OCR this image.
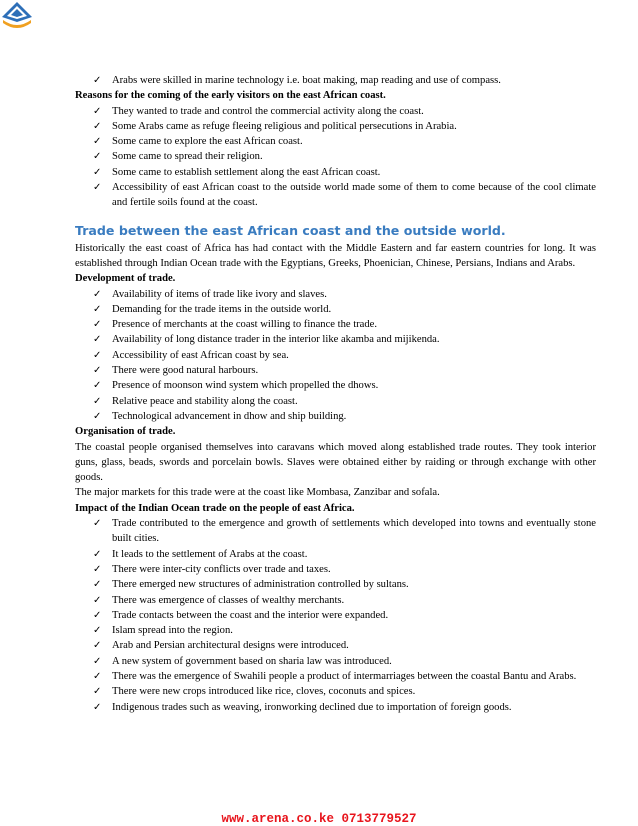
✓ Arabs were skilled in marine technology i.e. boat making, map reading and use of compass.

Reasons for the coming of the early visitors on the east African coast.

✓ They wanted to trade and control the commercial activity along the coast.
✓ Some Arabs came as refuge fleeing religious and political persecutions in Arabia.
✓ Some came to explore the east African coast.
✓ Some came to spread their religion.
✓ Some came to establish settlement along the east African coast.
✓ Accessibility of east African coast to the outside world made some of them to come because of the cool climate and fertile soils found at the coast.
Trade between the east African coast and the outside world.

Historically the east coast of Africa has had contact with the Middle Eastern and far eastern countries for long. It was established through Indian Ocean trade with the Egyptians, Greeks, Phoenician, Chinese, Persians, Indians and Arabs.

Development of trade.

✓ Availability of items of trade like ivory and slaves.
✓ Demanding for the trade items in the outside world.
✓ Presence of merchants at the coast willing to finance the trade.
✓ Availability of long distance trader in the interior like akamba and mijikenda.
✓ Accessibility of east African coast by sea.
✓ There were good natural harbours.
✓ Presence of moonson wind system which propelled the dhows.
✓ Relative peace and stability along the coast.
✓ Technological advancement in dhow and ship building.

Organisation of trade.

The coastal people organised themselves into caravans which moved along established trade routes. They took interior guns, glass, beads, swords and porcelain bowls. Slaves were obtained either by raiding or through exchange with other goods.

The major markets for this trade were at the coast like Mombasa, Zanzibar and sofala.

Impact of the Indian Ocean trade on the people of east Africa.

✓ Trade contributed to the emergence and growth of settlements which developed into towns and eventually stone built cities.
✓ It leads to the settlement of Arabs at the coast.
✓ There were inter-city conflicts over trade and taxes.
✓ There emerged new structures of administration controlled by sultans.
✓ There was emergence of classes of wealthy merchants.
✓ Trade contacts between the coast and the interior were expanded.
✓ Islam spread into the region.
✓ Arab and Persian architectural designs were introduced.
✓ A new system of government based on sharia law was introduced.
✓ There was the emergence of Swahili people a product of intermarriages between the coastal Bantu and Arabs.
✓ There were new crops introduced like rice, cloves, coconuts and spices.
✓ Indigenous trades such as weaving, ironworking declined due to importation of foreign goods.
www.arena.co.ke 0713779527
